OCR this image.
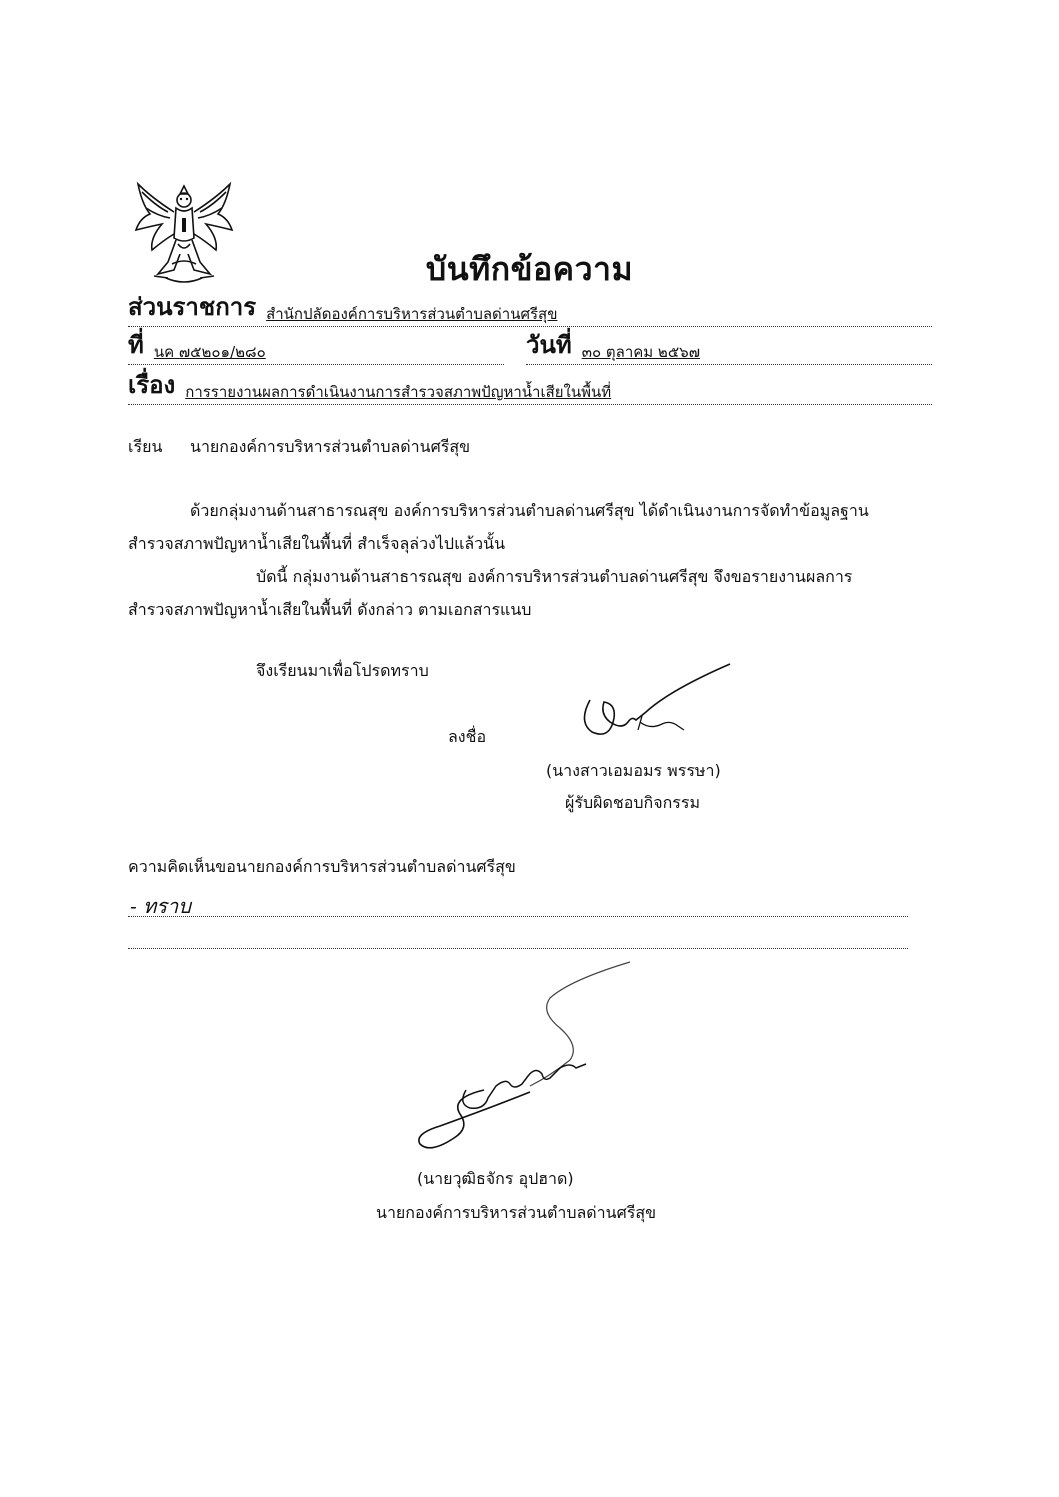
บันทึกข้อความ
ส่วนราชการ สำนักปลัดองค์การบริหารส่วนตำบลด่านศรีสุข
ที่ นค ๗๕๒๐๑/๒๘๐	วันที่ ๓๐ ตุลาคม ๒๕๖๗
เรื่อง การรายงานผลการดำเนินงานการสำรวจสภาพปัญหาน้ำเสียในพื้นที่
เรียน นายกองค์การบริหารส่วนตำบลด่านศรีสุข
ด้วยกลุ่มงานด้านสาธารณสุข องค์การบริหารส่วนตำบลด่านศรีสุข ได้ดำเนินงานการจัดทำข้อมูลฐาน
สำรวจสภาพปัญหาน้ำเสียในพื้นที่ สำเร็จลุล่วงไปแล้วนั้น
บัดนี้ กลุ่มงานด้านสาธารณสุข องค์การบริหารส่วนตำบลด่านศรีสุข จึงขอรายงานผลการ
สำรวจสภาพปัญหาน้ำเสียในพื้นที่ ดังกล่าว ตามเอกสารแนบ
จึงเรียนมาเพื่อโปรดทราบ
ลงชื่อ
(นางสาวเอมอมร พรรษา)
ผู้รับผิดชอบกิจกรรม
ความคิดเห็นขอนายกองค์การบริหารส่วนตำบลด่านศรีสุข
- ทราบ
(นายวุฒิธจักร อุปฮาด)
นายกองค์การบริหารส่วนตำบลด่านศรีสุข
